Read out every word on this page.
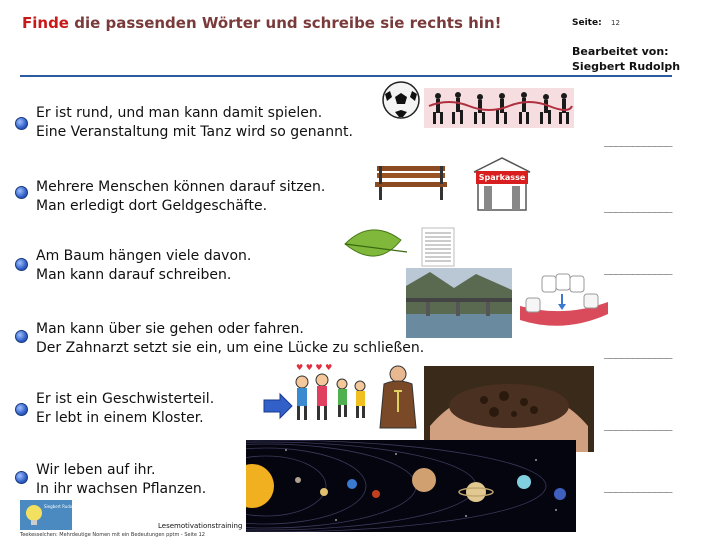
Finde die passenden Wörter und schreibe sie rechts hin!	Seite: 12
Bearbeitet von:
Siegbert Rudolph
Er ist rund, und man kann damit spielen.
Eine Veranstaltung mit Tanz wird so genannt.
____________
Mehrere Menschen können darauf sitzen.
Man erledigt dort Geldgeschäfte.	____________
Am Baum hängen viele davon.
Man kann darauf schreiben.	____________
Man kann über sie gehen oder fahren.
Der Zahnarzt setzt sie ein, um eine Lücke zu schließen.	____________
Er ist ein Geschwisterteil.
Er lebt in einem Kloster.	____________
Wir leben auf ihr.
In ihr wachsen Pflanzen.	____________
Sparkasse
♥ ♥ ♥ ♥
Siegbert Rudolph
Lesemotivationstraining
Teekesselchen: Mehrdeutige Nomen mit ein Bedeutungen pptm - Seite 12
